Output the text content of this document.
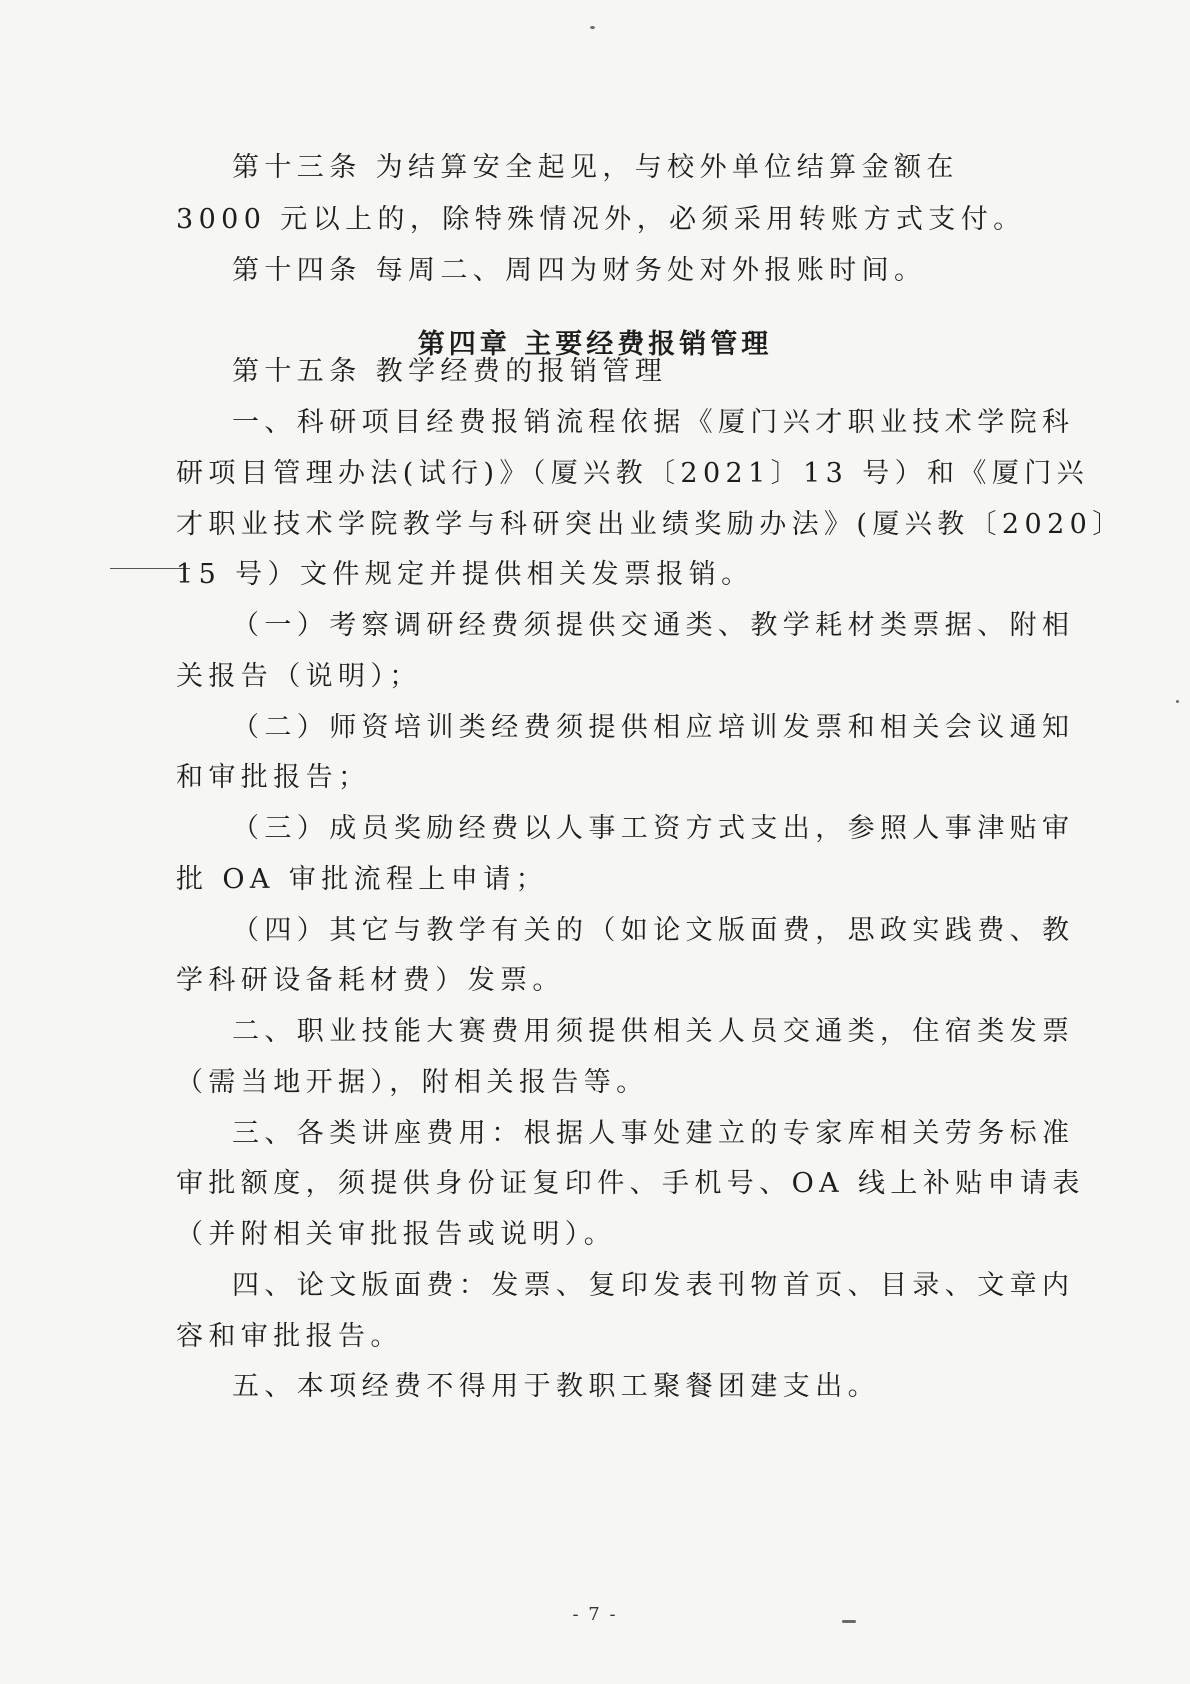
第十三条 为结算安全起见，与校外单位结算金额在
3000 元以上的，除特殊情况外，必须采用转账方式支付。
第十四条 每周二、周四为财务处对外报账时间。
第四章 主要经费报销管理
第十五条 教学经费的报销管理
一、科研项目经费报销流程依据《厦门兴才职业技术学院科
研项目管理办法(试行)》（厦兴教〔2021〕13 号）和《厦门兴
才职业技术学院教学与科研突出业绩奖励办法》(厦兴教〔2020〕
15 号）文件规定并提供相关发票报销。
（一）考察调研经费须提供交通类、教学耗材类票据、附相
关报告（说明）；
（二）师资培训类经费须提供相应培训发票和相关会议通知
和审批报告；
（三）成员奖励经费以人事工资方式支出，参照人事津贴审
批 OA 审批流程上申请；
（四）其它与教学有关的（如论文版面费，思政实践费、教
学科研设备耗材费）发票。
二、职业技能大赛费用须提供相关人员交通类，住宿类发票
（需当地开据），附相关报告等。
三、各类讲座费用：根据人事处建立的专家库相关劳务标准
审批额度，须提供身份证复印件、手机号、OA 线上补贴申请表
（并附相关审批报告或说明）。
四、论文版面费：发票、复印发表刊物首页、目录、文章内
容和审批报告。
五、本项经费不得用于教职工聚餐团建支出。
- 7 -
